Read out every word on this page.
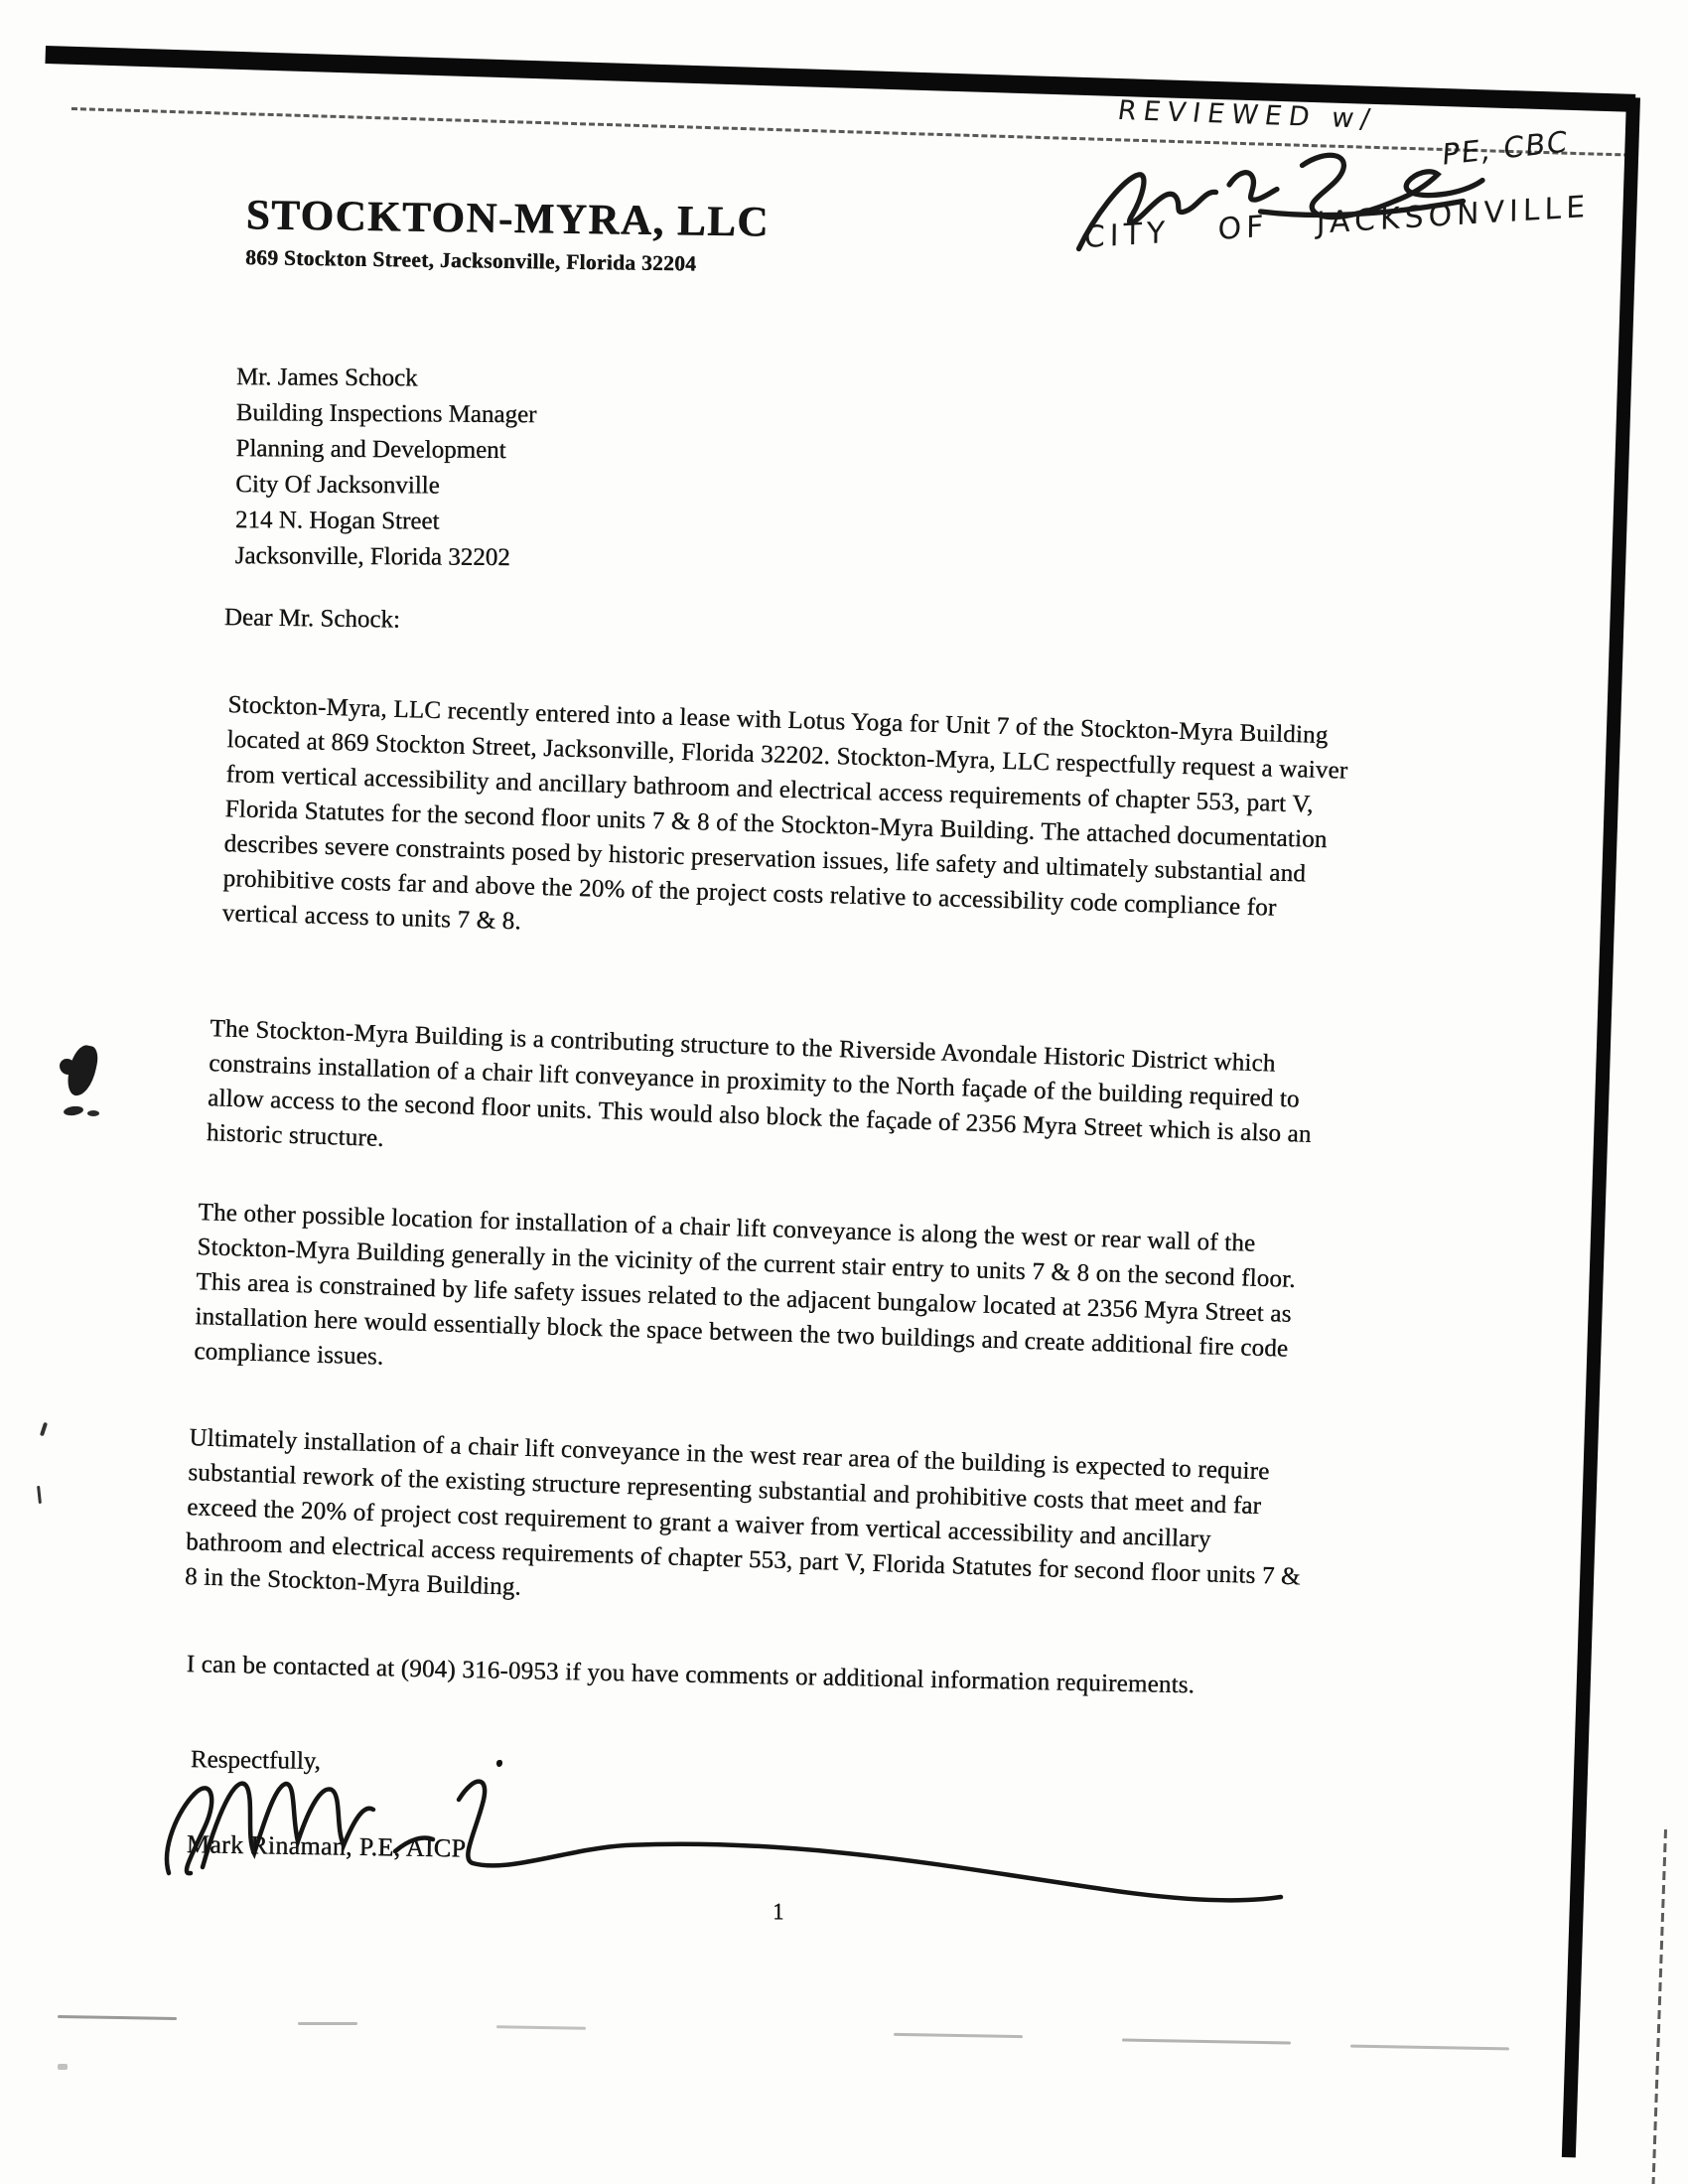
STOCKTON-MYRA, LLC
869 Stockton Street, Jacksonville, Florida 32204
REVIEWED w/
PE, CBC
CITY OF JACKSONVILLE
Mr. James Schock
Building Inspections Manager
Planning and Development
City Of Jacksonville
214 N. Hogan Street
Jacksonville, Florida 32202
Dear Mr. Schock:

Stockton-Myra, LLC recently entered into a lease with Lotus Yoga for Unit 7 of the Stockton-Myra Building located at 869 Stockton Street, Jacksonville, Florida 32202. Stockton-Myra, LLC respectfully request a waiver from vertical accessibility and ancillary bathroom and electrical access requirements of chapter 553, part V, Florida Statutes for the second floor units 7 & 8 of the Stockton-Myra Building. The attached documentation describes severe constraints posed by historic preservation issues, life safety and ultimately substantial and prohibitive costs far and above the 20% of the project costs relative to accessibility code compliance for vertical access to units 7 & 8.

The Stockton-Myra Building is a contributing structure to the Riverside Avondale Historic District which constrains installation of a chair lift conveyance in proximity to the North façade of the building required to allow access to the second floor units. This would also block the façade of 2356 Myra Street which is also an historic structure.

The other possible location for installation of a chair lift conveyance is along the west or rear wall of the Stockton-Myra Building generally in the vicinity of the current stair entry to units 7 & 8 on the second floor. This area is constrained by life safety issues related to the adjacent bungalow located at 2356 Myra Street as installation here would essentially block the space between the two buildings and create additional fire code compliance issues.

Ultimately installation of a chair lift conveyance in the west rear area of the building is expected to require substantial rework of the existing structure representing substantial and prohibitive costs that meet and far exceed the 20% of project cost requirement to grant a waiver from vertical accessibility and ancillary bathroom and electrical access requirements of chapter 553, part V, Florida Statutes for second floor units 7 & 8 in the Stockton-Myra Building.

I can be contacted at (904) 316-0953 if you have comments or additional information requirements.

Respectfully,
Mark Rinaman, P.E, AICP
1
